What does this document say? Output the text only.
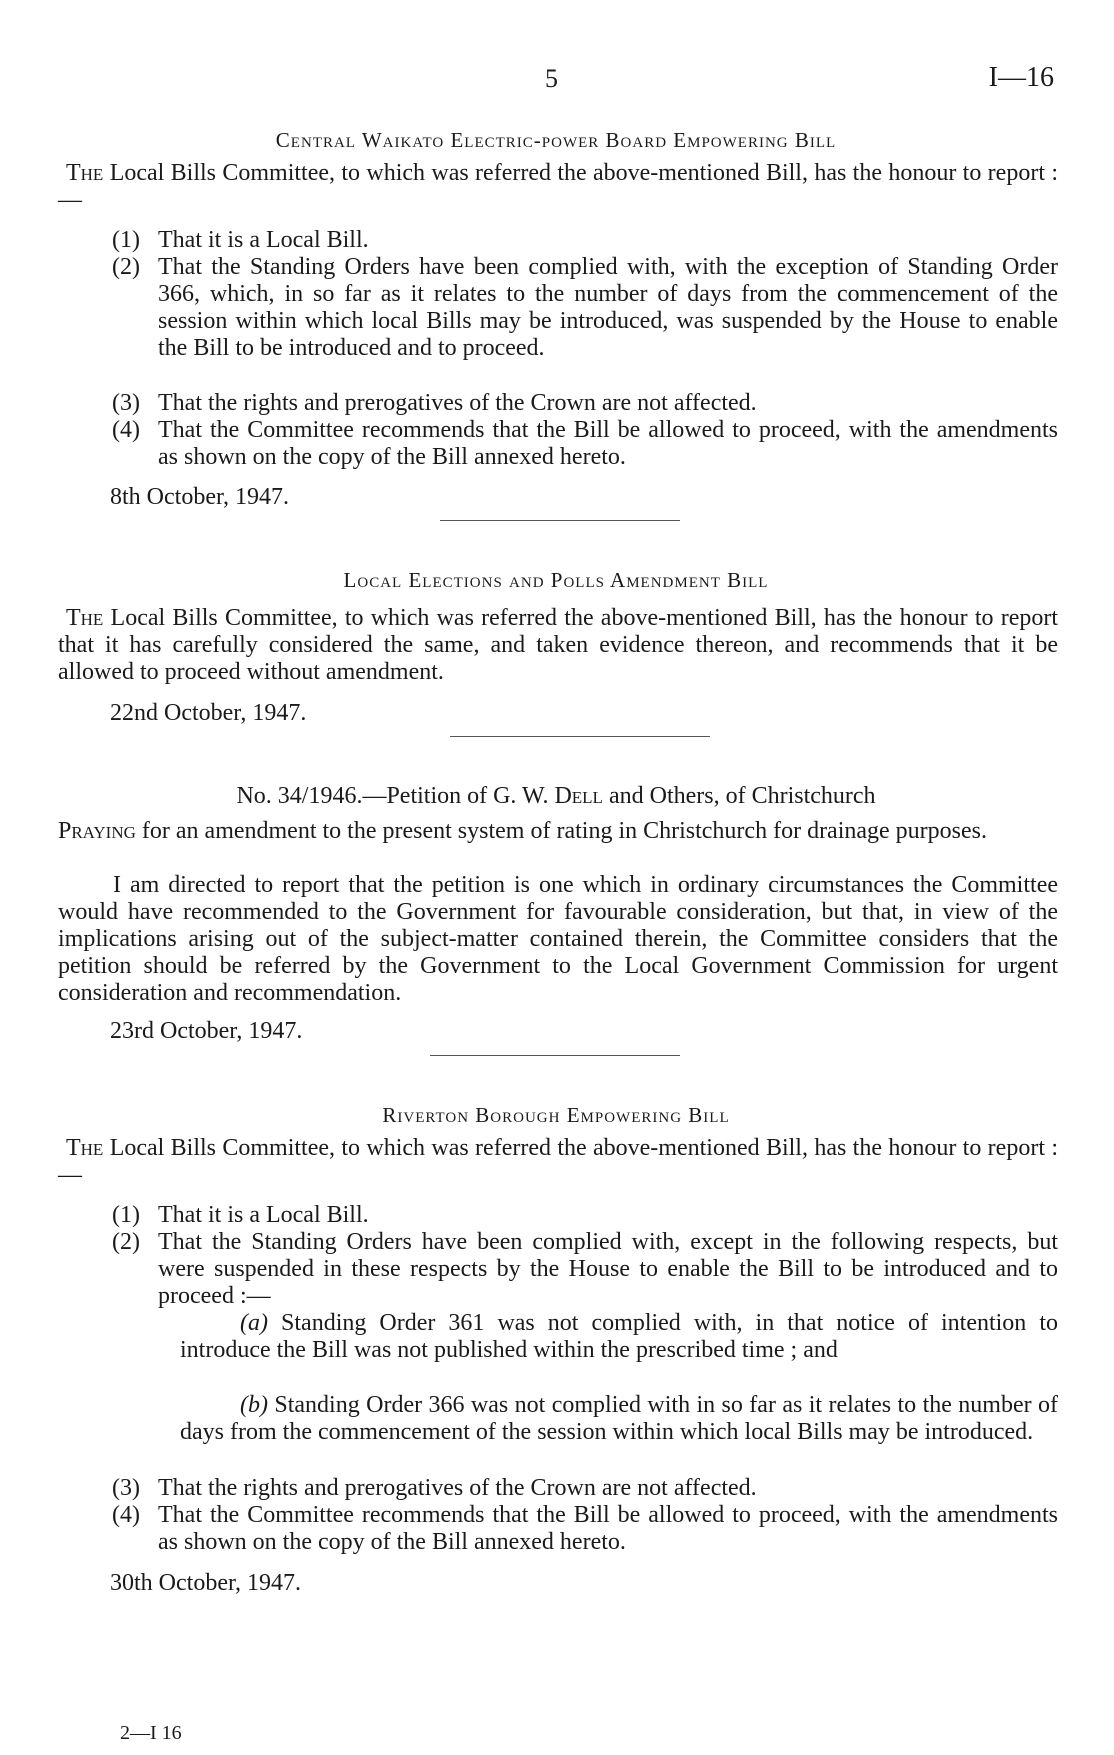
5	I—16
Central Waikato Electric-power Board Empowering Bill
The Local Bills Committee, to which was referred the above-mentioned Bill, has the honour to report :—
(1) That it is a Local Bill.
(2) That the Standing Orders have been complied with, with the exception of Standing Order 366, which, in so far as it relates to the number of days from the commencement of the session within which local Bills may be introduced, was suspended by the House to enable the Bill to be introduced and to proceed.
(3) That the rights and prerogatives of the Crown are not affected.
(4) That the Committee recommends that the Bill be allowed to proceed, with the amendments as shown on the copy of the Bill annexed hereto.
8th October, 1947.
Local Elections and Polls Amendment Bill
The Local Bills Committee, to which was referred the above-mentioned Bill, has the honour to report that it has carefully considered the same, and taken evidence thereon, and recommends that it be allowed to proceed without amendment.
22nd October, 1947.
No. 34/1946.—Petition of G. W. Dell and Others, of Christchurch
Praying for an amendment to the present system of rating in Christchurch for drainage purposes.
I am directed to report that the petition is one which in ordinary circumstances the Committee would have recommended to the Government for favourable consideration, but that, in view of the implications arising out of the subject-matter contained therein, the Committee considers that the petition should be referred by the Government to the Local Government Commission for urgent consideration and recommendation.
23rd October, 1947.
Riverton Borough Empowering Bill
The Local Bills Committee, to which was referred the above-mentioned Bill, has the honour to report :—
(1) That it is a Local Bill.
(2) That the Standing Orders have been complied with, except in the following respects, but were suspended in these respects by the House to enable the Bill to be introduced and to proceed :—
(a) Standing Order 361 was not complied with, in that notice of intention to introduce the Bill was not published within the prescribed time ; and
(b) Standing Order 366 was not complied with in so far as it relates to the number of days from the commencement of the session within which local Bills may be introduced.
(3) That the rights and prerogatives of the Crown are not affected.
(4) That the Committee recommends that the Bill be allowed to proceed, with the amendments as shown on the copy of the Bill annexed hereto.
30th October, 1947.
2—I 16
